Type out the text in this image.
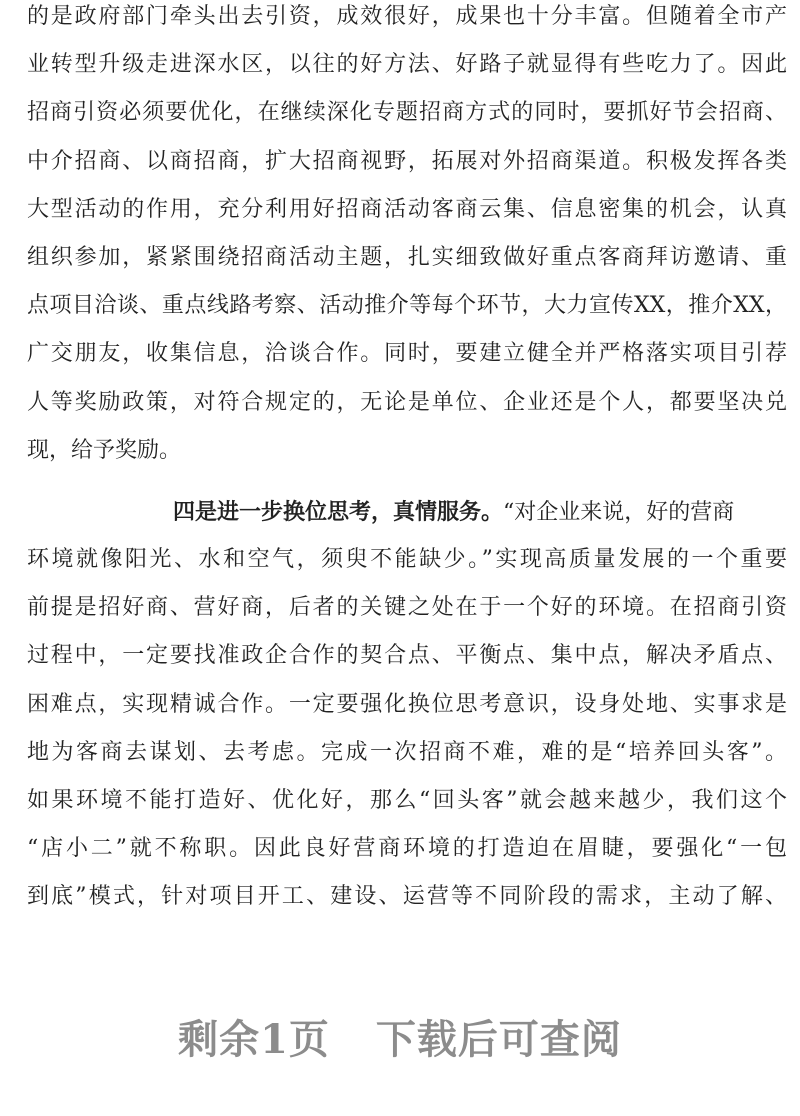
的是政府部门牵头出去引资，成效很好，成果也十分丰富。但随着全市产
业转型升级走进深水区，以往的好方法、好路子就显得有些吃力了。因此
招商引资必须要优化，在继续深化专题招商方式的同时，要抓好节会招商、
中介招商、以商招商，扩大招商视野，拓展对外招商渠道。积极发挥各类
大型活动的作用，充分利用好招商活动客商云集、信息密集的机会，认真
组织参加，紧紧围绕招商活动主题，扎实细致做好重点客商拜访邀请、重
点项目洽谈、重点线路考察、活动推介等每个环节，大力宣传XX，推介XX，
广交朋友，收集信息，洽谈合作。同时，要建立健全并严格落实项目引荐
人等奖励政策，对符合规定的，无论是单位、企业还是个人，都要坚决兑
现，给予奖励。
四是进一步换位思考，真情服务。“对企业来说，好的营商
环境就像阳光、水和空气，须臾不能缺少。”实现高质量发展的一个重要
前提是招好商、营好商，后者的关键之处在于一个好的环境。在招商引资
过程中，一定要找准政企合作的契合点、平衡点、集中点，解决矛盾点、
困难点，实现精诚合作。一定要强化换位思考意识，设身处地、实事求是
地为客商去谋划、去考虑。完成一次招商不难，难的是“培养回头客”。
如果环境不能打造好、优化好，那么“回头客”就会越来越少，我们这个
“店小二”就不称职。因此良好营商环境的打造迫在眉睫，要强化“一包
到底”模式，针对项目开工、建设、运营等不同阶段的需求，主动了解、
剩余1页 下载后可查阅
